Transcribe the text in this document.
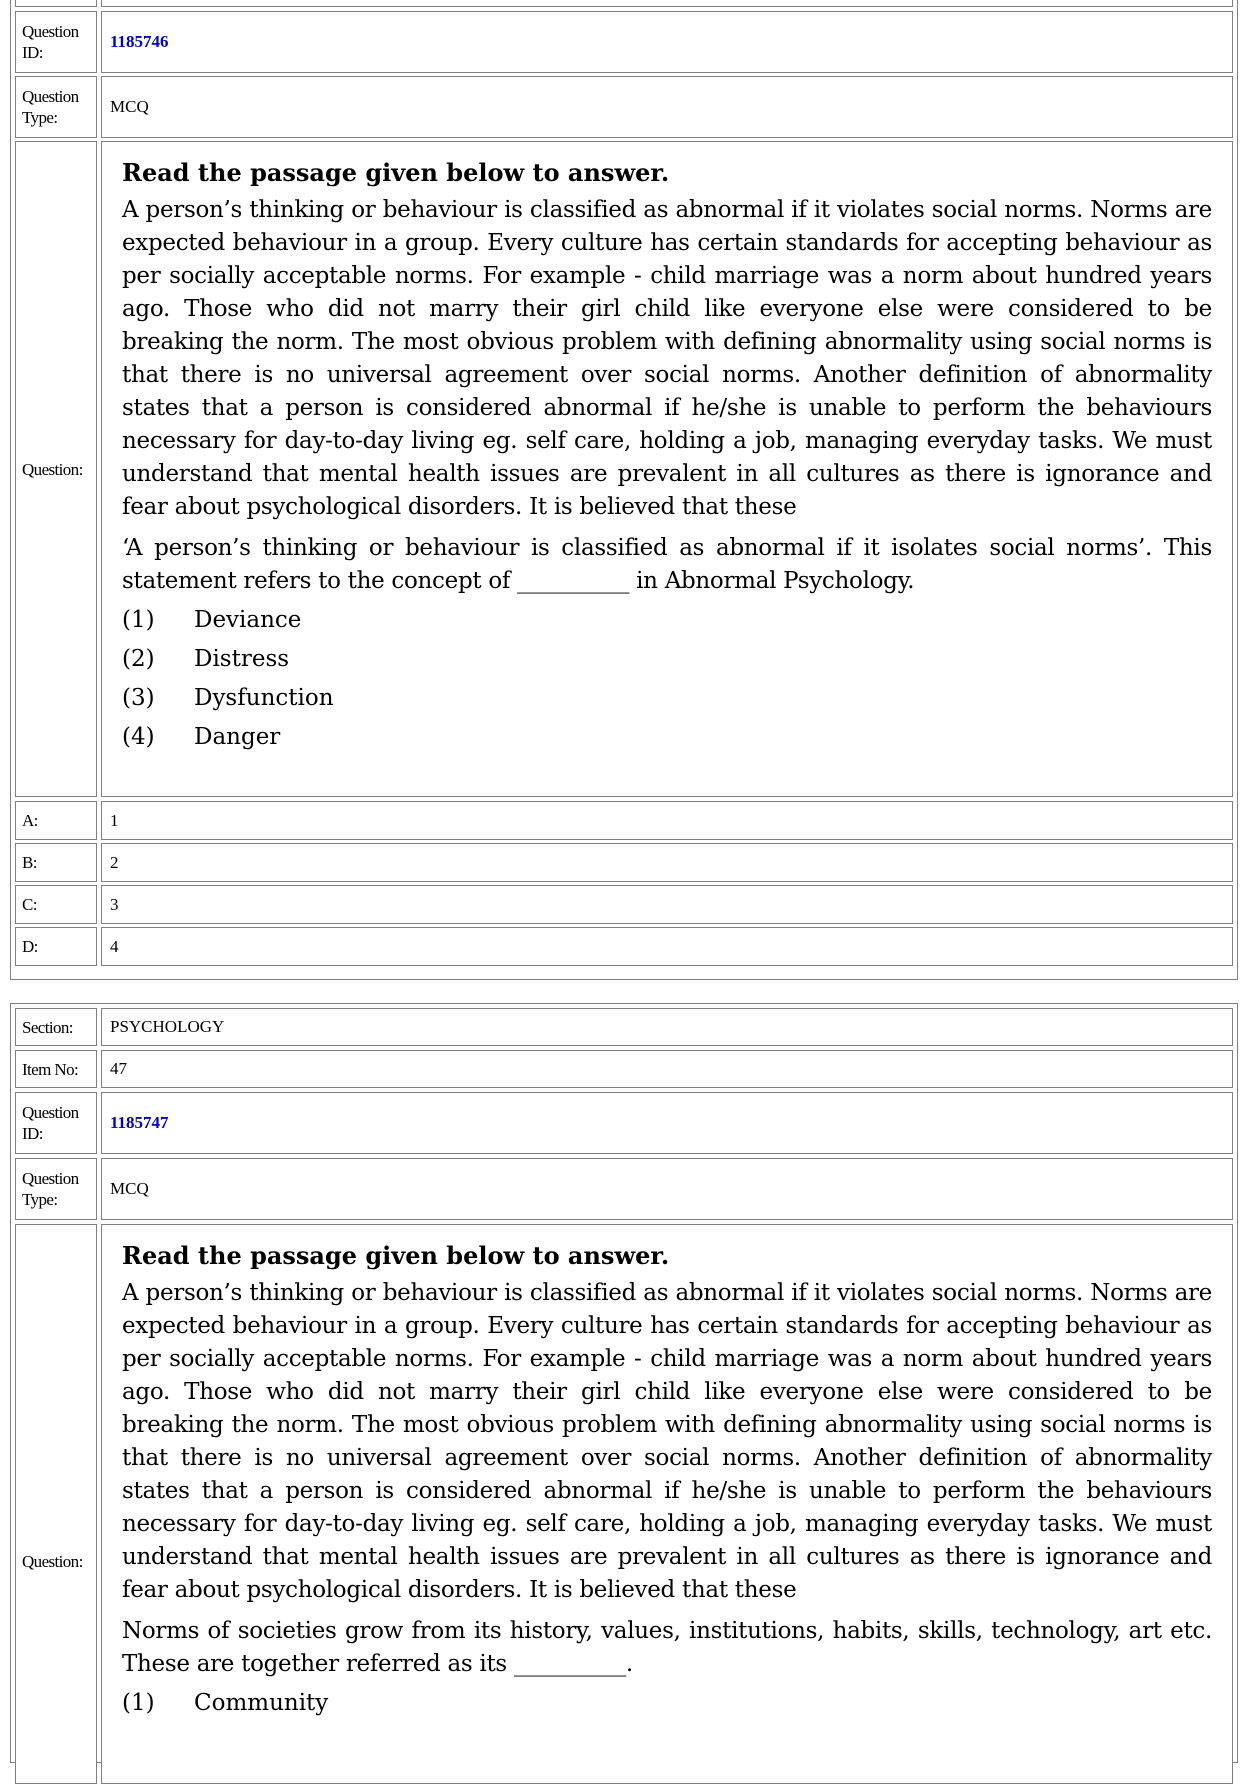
Question ID:
1185746
Question Type:
MCQ
Question:
Read the passage given below to answer.
A person’s thinking or behaviour is classified as abnormal if it violates social norms. Norms are expected behaviour in a group. Every culture has certain standards for accepting behaviour as per socially acceptable norms. For example - child marriage was a norm about hundred years ago. Those who did not marry their girl child like everyone else were considered to be breaking the norm. The most obvious problem with defining abnormality using social norms is that there is no universal agreement over social norms. Another definition of abnormality states that a person is considered abnormal if he/she is unable to perform the behaviours necessary for day-to-day living eg. self care, holding a job, managing everyday tasks. We must understand that mental health issues are prevalent in all cultures as there is ignorance and fear about psychological disorders. It is believed that these
‘A person’s thinking or behaviour is classified as abnormal if it isolates social norms’. This statement refers to the concept of __________ in Abnormal Psychology.
(1)	Deviance
(2)	Distress
(3)	Dysfunction
(4)	Danger
A:	1
B:	2
C:	3
D:	4
Section:	PSYCHOLOGY
Item No:	47
Question ID:
1185747
Question Type:
MCQ
Question:
Read the passage given below to answer.
A person’s thinking or behaviour is classified as abnormal if it violates social norms. Norms are expected behaviour in a group. Every culture has certain standards for accepting behaviour as per socially acceptable norms. For example - child marriage was a norm about hundred years ago. Those who did not marry their girl child like everyone else were considered to be breaking the norm. The most obvious problem with defining abnormality using social norms is that there is no universal agreement over social norms. Another definition of abnormality states that a person is considered abnormal if he/she is unable to perform the behaviours necessary for day-to-day living eg. self care, holding a job, managing everyday tasks. We must understand that mental health issues are prevalent in all cultures as there is ignorance and fear about psychological disorders. It is believed that these
Norms of societies grow from its history, values, institutions, habits, skills, technology, art etc. These are together referred as its __________.
(1)	Community
